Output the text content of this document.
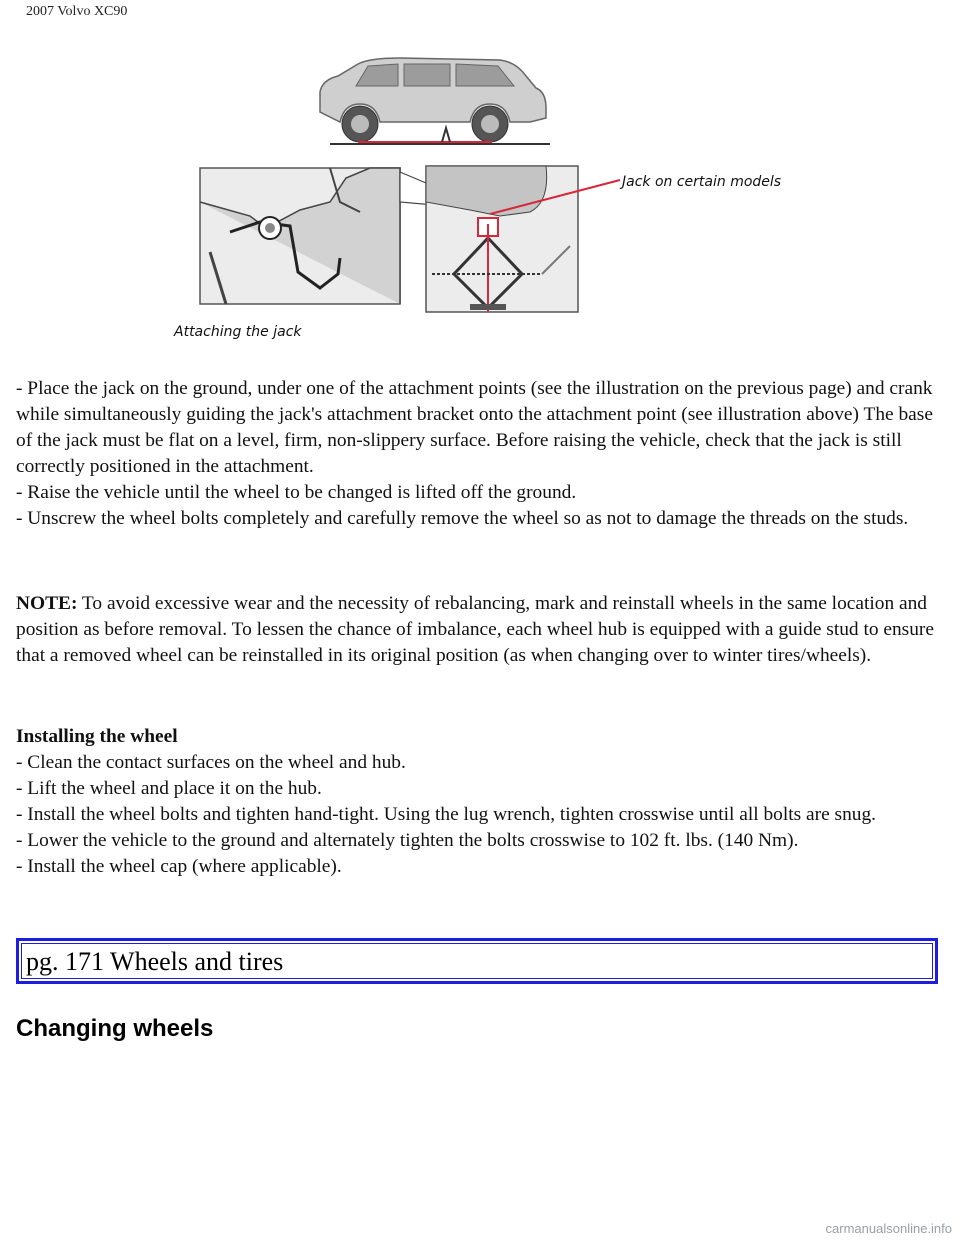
2007 Volvo XC90
Jack on certain models
Attaching the jack

- Place the jack on the ground, under one of the attachment points (see the illustration on the previous page) and crank while simultaneously guiding the jack's attachment bracket onto the attachment point (see illustration above) The base of the jack must be flat on a level, firm, non-slippery surface. Before raising the vehicle, check that the jack is still correctly positioned in the attachment.

- Raise the vehicle until the wheel to be changed is lifted off the ground.

- Unscrew the wheel bolts completely and carefully remove the wheel so as not to damage the threads on the studs.

NOTE: To avoid excessive wear and the necessity of rebalancing, mark and reinstall wheels in the same location and position as before removal. To lessen the chance of imbalance, each wheel hub is equipped with a guide stud to ensure that a removed wheel can be reinstalled in its original position (as when changing over to winter tires/wheels).

Installing the wheel

- Clean the contact surfaces on the wheel and hub.

- Lift the wheel and place it on the hub.

- Install the wheel bolts and tighten hand-tight. Using the lug wrench, tighten crosswise until all bolts are snug.

- Lower the vehicle to the ground and alternately tighten the bolts crosswise to 102 ft. lbs. (140 Nm).

- Install the wheel cap (where applicable).

pg. 171 Wheels and tires
Changing wheels
carmanualsonline.info
